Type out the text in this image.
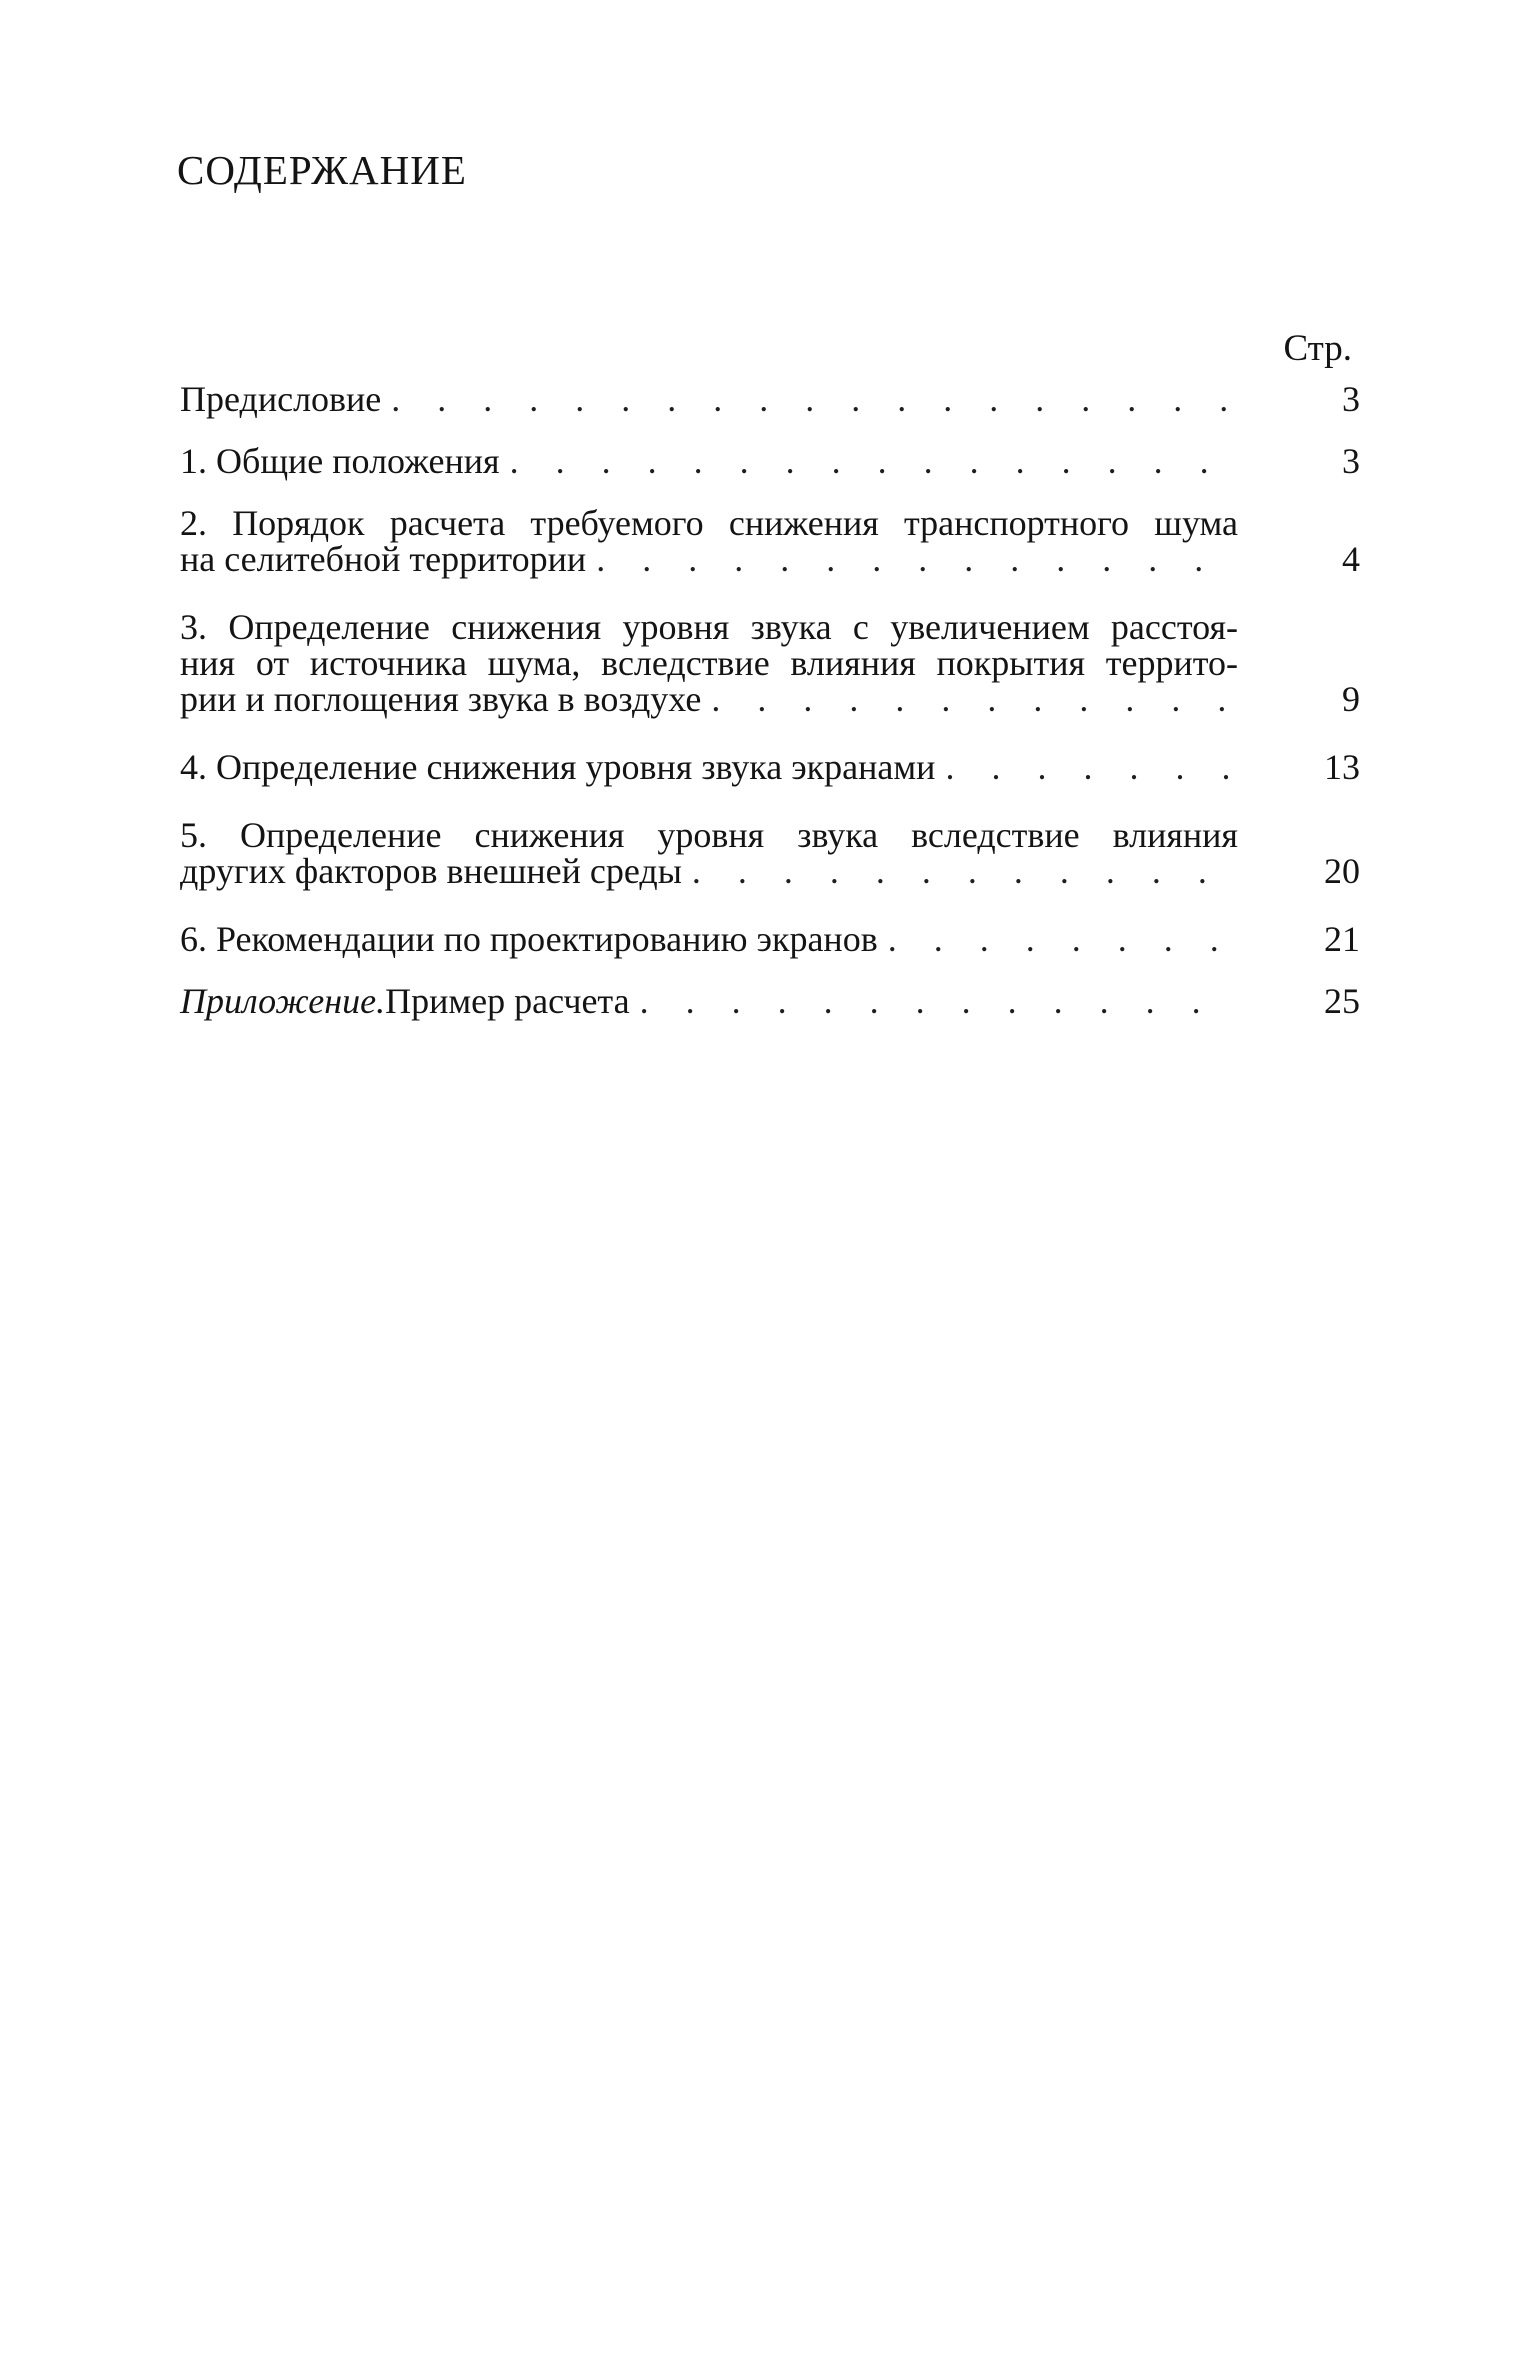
СОДЕРЖАНИЕ
Стр.
Предисловие . . .	3
1. Общие положения . . .	3
2. Порядок расчета требуемого снижения транспортного шума
на селитебной территории . . .	4
3. Определение снижения уровня звука с увеличением расстоя-
ния от источника шума, вследствие влияния покрытия террито-
рии и поглощения звука в воздухе . . .	9
4. Определение снижения уровня звука экранами . . .	13
5. Определение снижения уровня звука вследствие влияния
других факторов внешней среды . . .	20
6. Рекомендации по проектированию экранов . . .	21
Приложение. Пример расчета . . .	25
